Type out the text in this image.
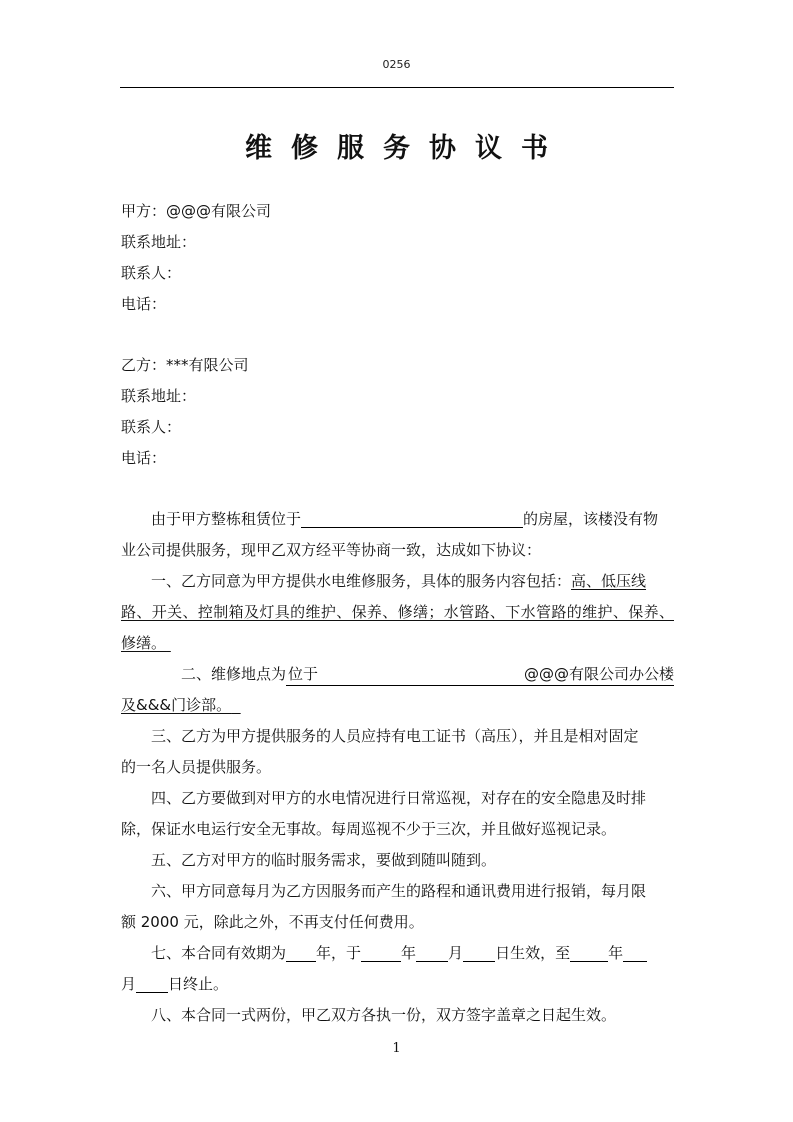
0256
维修服务协议书
甲方：@@@有限公司
联系地址：
联系人：
电话：
乙方：***有限公司
联系地址：
联系人：
电话：
由于甲方整栋租赁位于	的房屋，该楼没有物
业公司提供服务，现甲乙双方经平等协商一致，达成如下协议：
一、乙方同意为甲方提供水电维修服务，具体的服务内容包括：高、低压线
路、开关、控制箱及灯具的维护、保养、修缮；水管路、下水管路的维护、保养、
修缮。
二、维修地点为 位于	@@@有限公司办公楼
及&&&门诊部。
三、乙方为甲方提供服务的人员应持有电工证书（高压），并且是相对固定
的一名人员提供服务。
四、乙方要做到对甲方的水电情况进行日常巡视，对存在的安全隐患及时排
除，保证水电运行安全无事故。每周巡视不少于三次，并且做好巡视记录。
五、乙方对甲方的临时服务需求，要做到随叫随到。
六、甲方同意每月为乙方因服务而产生的路程和通讯费用进行报销，每月限
额 2000 元，除此之外，不再支付任何费用。
七、本合同有效期为 年，于	年 月 日生效，至	年
月 日终止。
八、本合同一式两份，甲乙双方各执一份，双方签字盖章之日起生效。
1
